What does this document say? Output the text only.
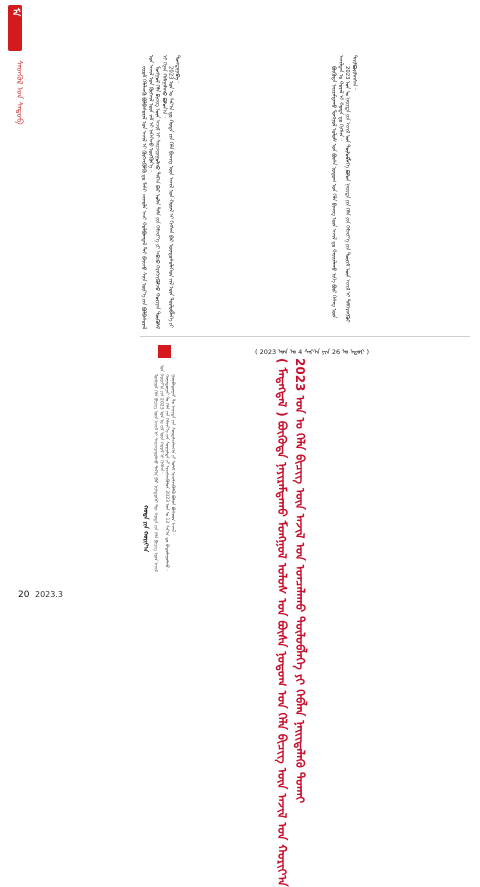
ᠮᠡ
ᠰᠡᠳᠬᠦᠯ ᠤᠨ ᠰᠡᠳᠦᠪ	ᠵᠢᠷᠤᠮ ᠬᠡᠯᠡᠯᠴᠡᠬᠦ ᠪᠣᠯᠪᠠᠰᠤᠷᠠᠯ ᠤᠨ ᠠᠵᠢᠯ ᠢ ᠬᠥᠭᠵᠢᠭᠦᠯᠬᠦ ᠳᠤ ᠮᠠᠰᠢ ᠴᠢᠬᠤᠯᠠ ᠠᠴᠢ ᠬᠣᠯᠪᠣᠭᠳᠠᠯ ᠲᠠᠢ ᠪᠠᠢᠵᠤ ᠰᠢᠨᠡ ᠦᠶ᠎ᠡ ᠶᠢᠨ ᠪᠣᠯᠪᠠᠰᠤᠷᠠᠯ ᠤᠨ ᠠᠵᠢᠯ ᠤᠨ ᠬᠥᠭᠵᠢᠯ ᠦᠨ ᠵᠠᠮ ᠢ ᠨᠡᠭᠡᠭᠡᠵᠦ ᠦᠭᠭᠦᠨ᠎ᠡ᠃ ᠮᠣᠩᠭᠣᠯ ᠬᠡᠯᠡ ᠪᠢᠴᠢᠭ ᠦᠨ ᠠᠵᠢᠯ ᠢ ᠰᠠᠢᠵᠢᠷᠠᠭᠤᠯᠬᠤ ᠲᠠᠯ᠎ᠠ ᠪᠠᠷ ᠣᠯᠠᠨ ᠲᠠᠯᠠ ᠶᠢᠨ ᠬᠡᠮᠵᠢᠶ᠎ᠡ ᠶᠢ ᠠᠪᠴᠤ ᠬᠡᠷᠡᠭᠵᠢᠭᠦᠯᠵᠦ ᠬᠣᠷᠢᠶᠠᠨ ᠲᠦᠭᠦᠮᠡᠯ ᠢ ᠬᠢᠨᠠᠨ ᠬᠠᠮᠠᠭᠠᠯᠠᠬᠤ ᠪᠣᠯᠣᠨ᠎ᠠ᠃ 2023 ᠣᠨ ᠤ ᠰᠠᠷ᠎ᠠ ᠳᠤ ᠬᠣᠲᠠ ᠶᠢᠨ ᠬᠡᠯᠡ ᠪᠢᠴᠢᠭ ᠦᠨ ᠠᠵᠢᠯ ᠤᠨ ᠬᠤᠷᠠᠯ ᠢ ᠬᠢᠭᠰᠡᠨ ᠪᠡᠷ ᠦᠨᠳᠦᠰᠦᠯᠡᠭᠡᠳ ᠵᠢᠯ ᠦᠨ ᠲᠥᠯᠥᠪᠯᠡᠭᠡ ᠶᠢ ᠲᠣᠭᠲᠠᠭᠠᠪᠠ᠃	ᠪᠦᠭᠦᠳᠡ ᠨᠠᠶᠢᠷᠠᠮᠳᠠᠬᠤ ᠮᠣᠩᠭᠣᠯ ᠤᠯᠤᠰ ᠤᠨ ᠪᠦᠰᠡ ᠨᠤᠲᠤᠭ ᠤᠨ ᠬᠡᠯᠡ ᠪᠢᠴᠢᠭ ᠦᠨ ᠠᠵᠢᠯ ᠳᠤ ᠬᠠᠷᠢᠶᠠᠯᠠᠬᠤ ᠨᠢᠭᠡ ᠪᠦᠷ ᠬᠡᠰᠡᠭ ᠦᠨ ᠠᠵᠢᠯᠲᠠᠨ ᠤ ᠬᠤᠷᠠᠯ ᠢ ᠬᠣᠲᠠ ᠳᠤ ᠬᠢᠭᠰᠡᠨ᠃ 2023 ᠣᠨ ᠤ ᠨᠡᠢᠢᠲᠡ ᠶᠢᠨ ᠠᠵᠢᠯ ᠤᠨ ᠲᠥᠯᠥᠪᠯᠡᠭᠡ ᠪᠣᠯᠤᠨ ᠨᠡᠢᠢᠲᠡ ᠶᠢᠨ ᠬᠡᠯᠡ ᠶᠢᠨ ᠬᠡᠮᠵᠢᠶ᠎ᠡ ᠶᠢᠨ ᠳᠦᠷᠢᠮ ᠦᠨ ᠠᠵᠢᠯ ᠢ ᠳᠡᠯᠭᠡᠷᠡᠩᠭᠦᠢ ᠲᠠᠢᠯᠪᠤᠷᠢᠯᠠᠭᠰᠠᠨ᠃

( 2023 ᠣᠨ ᠤ 4 ᠰᠠᠷ᠎ᠠ ᠶᠢᠨ 26 ᠤ ᠡᠳᠦᠷ )
( ᠮᠡᠳᠡᠭᠳᠡᠯ ) ᠪᠦᠭᠦᠳᠡ ᠨᠠᠶᠢᠷᠠᠮᠳᠠᠬᠤ ᠮᠣᠩᠭᠣᠯ ᠤᠯᠤᠰ ᠤᠨ ᠪᠦᠰᠡ ᠨᠤᠲᠤᠭ ᠤᠨ ᠬᠡᠯᠡ ᠪᠢᠴᠢᠭ ᠦᠨ ᠠᠵᠢᠯ ᠤᠨ ᠬᠣᠷᠢᠶ᠎ᠠ 2023 ᠣᠨ ᠤ ᠬᠡᠯᠡ ᠪᠢᠴᠢᠭ ᠦᠨ ᠠᠵᠢᠯ ᠤᠨ ᠣᠨᠴᠠᠯᠠᠬᠤ ᠲᠥᠯᠥᠪᠯᠡᠭᠡ ᠶᠢ ᠬᠡᠪᠯᠡᠨ ᠨᠡᠢᠢᠲᠡᠯᠡᠬᠦ ᠲᠤᠬᠠᠢ

ᠮᠣᠩᠭᠣᠯ ᠬᠡᠯᠡ ᠪᠢᠴᠢᠭ ᠦᠨ ᠠᠵᠢᠯ ᠢ ᠰᠠᠢᠵᠢᠷᠠᠭᠤᠯᠬᠤ ᠲᠠᠯ᠎ᠠ ᠪᠠᠷ ᠨᠢᠭᠡᠳᠦᠭᠡᠷ ᠲᠦ ᠬᠣᠲᠠ ᠶᠢᠨ ᠬᠡᠯᠡ ᠪᠢᠴᠢᠭ ᠦᠨ ᠠᠵᠢᠯ ᠤᠨ ᠬᠣᠷᠢᠶ᠎ᠠ ᠶᠢᠨ 2023 ᠣᠨ ᠤ ᠵᠢᠯ ᠦᠨ ᠬᠤᠷᠠᠯ ᠢ ᠬᠢᠭᠰᠡᠨ᠃ ᠬᠣᠶᠠᠳᠤᠭᠠᠷ ᠲᠤ ᠬᠡᠯᠡ ᠶᠢᠨ ᠬᠡᠮᠵᠢᠶ᠎ᠡ ᠶᠢᠨ ᠰᠤᠷᠭᠠᠯᠲᠠ ᠶᠢ ᠡᠷᠴᠢᠮᠵᠢᠭᠦᠯᠦᠨ 2023 ᠣᠨ ᠤ 12 ᠰᠠᠷ᠎ᠠ ᠳᠤ ᠪᠠᠲᠤᠯᠠᠭᠤᠯᠬᠤ᠃ ᠭᠤᠷᠪᠠᠳᠤᠭᠠᠷ ᠲᠤ ᠨᠡᠢᠢᠲᠡ ᠶᠢᠨ ᠰᠤᠷᠲᠠᠯᠴᠢᠯᠠᠭ᠎ᠠ ᠶᠢ ᠤᠯᠠᠮ ᠡᠷᠴᠢᠮᠵᠢᠭᠦᠯᠬᠦ ᠪᠣᠯᠤᠨ ᠪᠤᠰᠤᠳ ᠠᠵᠢᠯ᠃

ᠬᠣᠲᠠ ᠶᠢᠨ ᠬᠣᠷᠢᠶ᠎ᠠ
20 2023.3
